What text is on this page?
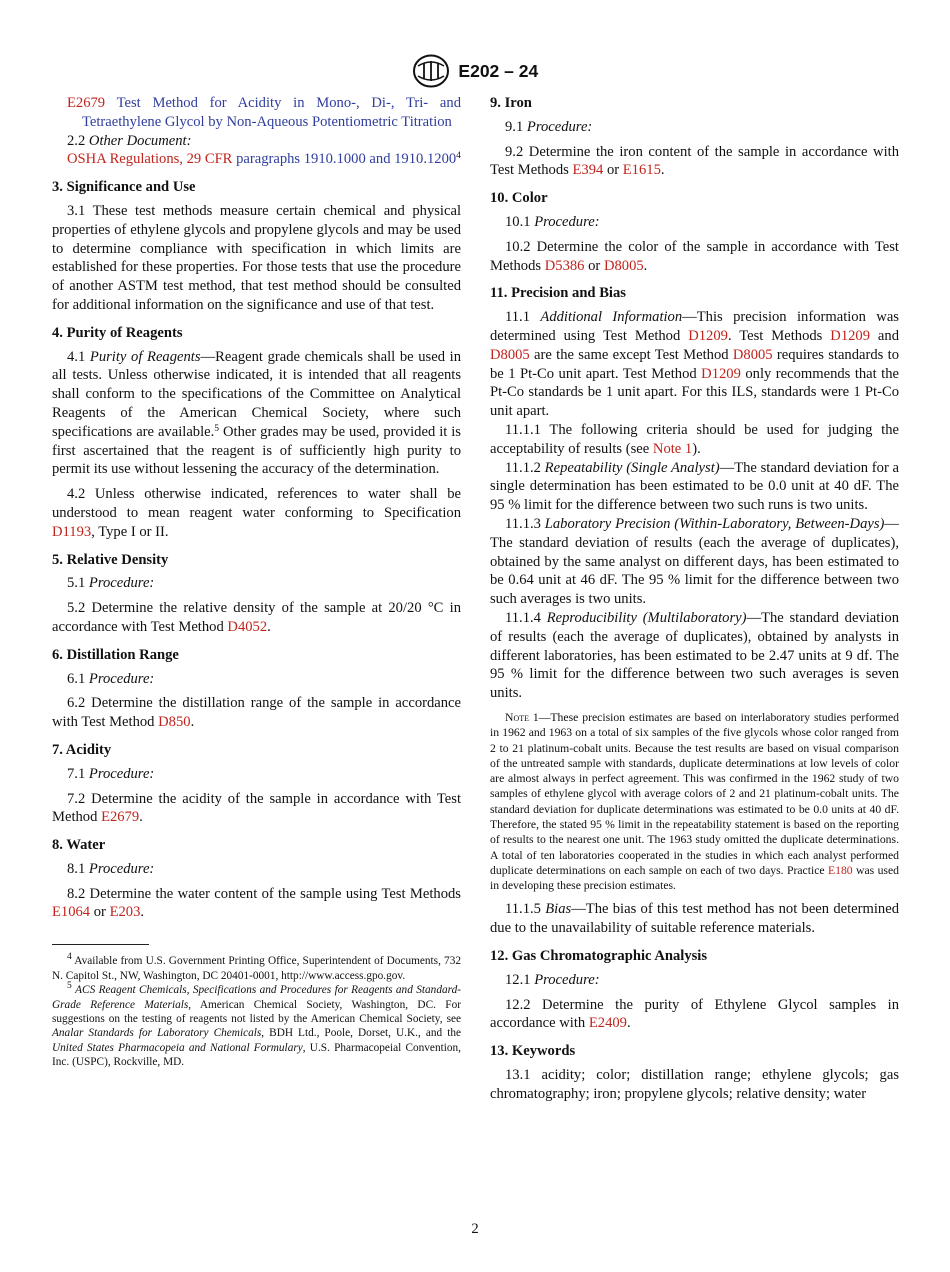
E202 – 24

E2679 Test Method for Acidity in Mono-, Di-, Tri- and Tetraethylene Glycol by Non-Aqueous Potentiometric Titration

2.2 Other Document:

OSHA Regulations, 29 CFR paragraphs 1910.1000 and 1910.1200$^4$

3. Significance and Use

3.1 These test methods measure certain chemical and physical properties of ethylene glycols and propylene glycols and may be used to determine compliance with specification in which limits are established for these properties. For those tests that use the procedure of another ASTM test method, that test method should be consulted for additional information on the significance and use of that test.

4. Purity of Reagents

4.1 Purity of Reagents—Reagent grade chemicals shall be used in all tests. Unless otherwise indicated, it is intended that all reagents shall conform to the specifications of the Committee on Analytical Reagents of the American Chemical Society, where such specifications are available.$^5$ Other grades may be used, provided it is first ascertained that the reagent is of sufficiently high purity to permit its use without lessening the accuracy of the determination.

4.2 Unless otherwise indicated, references to water shall be understood to mean reagent water conforming to Specification D1193, Type I or II.

5. Relative Density

5.1 Procedure:

5.2 Determine the relative density of the sample at 20/20 °C in accordance with Test Method D4052.

6. Distillation Range

6.1 Procedure:

6.2 Determine the distillation range of the sample in accordance with Test Method D850.

7. Acidity

7.1 Procedure:

7.2 Determine the acidity of the sample in accordance with Test Method E2679.

8. Water

8.1 Procedure:

8.2 Determine the water content of the sample using Test Methods E1064 or E203.

$^4$ Available from U.S. Government Printing Office, Superintendent of Documents, 732 N. Capitol St., NW, Washington, DC 20401-0001, http://www.access.gpo.gov.

$^5$ ACS Reagent Chemicals, Specifications and Procedures for Reagents and Standard-Grade Reference Materials, American Chemical Society, Washington, DC. For suggestions on the testing of reagents not listed by the American Chemical Society, see Analar Standards for Laboratory Chemicals, BDH Ltd., Poole, Dorset, U.K., and the United States Pharmacopeia and National Formulary, U.S. Pharmacopeial Convention, Inc. (USPC), Rockville, MD.

9. Iron

9.1 Procedure:

9.2 Determine the iron content of the sample in accordance with Test Methods E394 or E1615.

10. Color

10.1 Procedure:

10.2 Determine the color of the sample in accordance with Test Methods D5386 or D8005.

11. Precision and Bias

11.1 Additional Information—This precision information was determined using Test Method D1209. Test Methods D1209 and D8005 are the same except Test Method D8005 requires standards to be 1 Pt-Co unit apart. Test Method D1209 only recommends that the Pt-Co standards be 1 unit apart. For this ILS, standards were 1 Pt-Co unit apart.

11.1.1 The following criteria should be used for judging the acceptability of results (see Note 1).

11.1.2 Repeatability (Single Analyst)—The standard deviation for a single determination has been estimated to be 0.0 unit at 40 dF. The 95 % limit for the difference between two such runs is two units.

11.1.3 Laboratory Precision (Within-Laboratory, Between-Days)—The standard deviation of results (each the average of duplicates), obtained by the same analyst on different days, has been estimated to be 0.64 unit at 46 dF. The 95 % limit for the difference between two such averages is two units.

11.1.4 Reproducibility (Multilaboratory)—The standard deviation of results (each the average of duplicates), obtained by analysts in different laboratories, has been estimated to be 2.47 units at 9 df. The 95 % limit for the difference between two such averages is seven units.

Note 1—These precision estimates are based on interlaboratory studies performed in 1962 and 1963 on a total of six samples of the five glycols whose color ranged from 2 to 21 platinum-cobalt units. Because the test results are based on visual comparison of the untreated sample with standards, duplicate determinations at low levels of color are almost always in perfect agreement. This was confirmed in the 1962 study of two samples of ethylene glycol with average colors of 2 and 21 platinum-cobalt units. The standard deviation for duplicate determinations was estimated to be 0.0 units at 40 dF. Therefore, the stated 95 % limit in the repeatability statement is based on the reporting of results to the nearest one unit. The 1963 study omitted the duplicate determinations. A total of ten laboratories cooperated in the studies in which each analyst performed duplicate determinations on each sample on each of two days. Practice E180 was used in developing these precision estimates.

11.1.5 Bias—The bias of this test method has not been determined due to the unavailability of suitable reference materials.

12. Gas Chromatographic Analysis

12.1 Procedure:

12.2 Determine the purity of Ethylene Glycol samples in accordance with E2409.

13. Keywords

13.1 acidity; color; distillation range; ethylene glycols; gas chromatography; iron; propylene glycols; relative density; water

2
